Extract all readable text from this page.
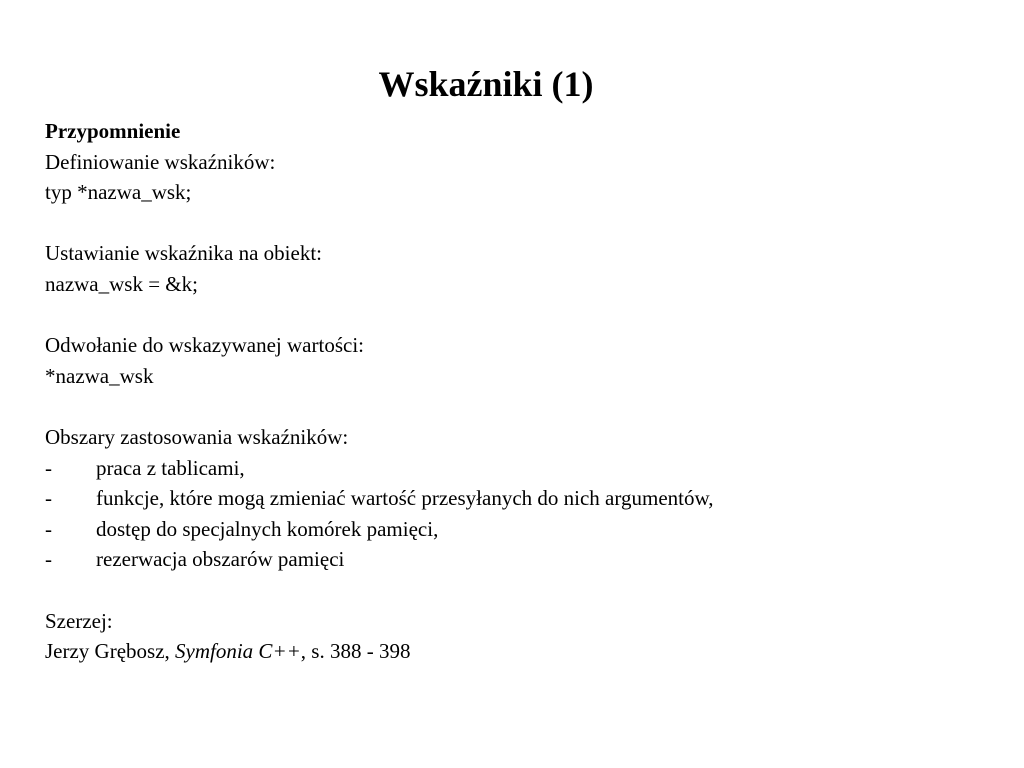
Wskaźniki (1)
Przypomnienie
Definiowanie wskaźników:
typ *nazwa_wsk;
Ustawianie wskaźnika na obiekt:
nazwa_wsk = &k;
Odwołanie do wskazywanej wartości:
*nazwa_wsk
Obszary zastosowania wskaźników:
- praca z tablicami,
- funkcje, które mogą zmieniać wartość przesyłanych do nich argumentów,
- dostęp do specjalnych komórek pamięci,
- rezerwacja obszarów pamięci
Szerzej:
Jerzy Grębosz, Symfonia C++, s. 388 - 398
